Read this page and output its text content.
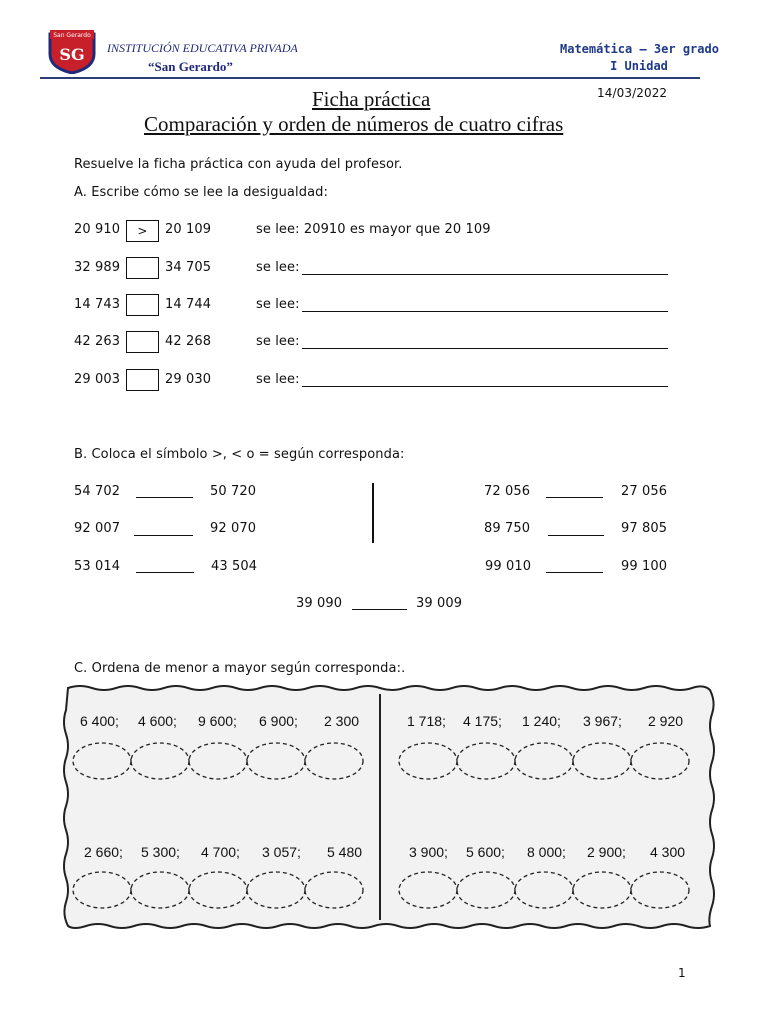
San Gerardo
SG INSTITUCIÓN EDUCATIVA PRIVADA
“San Gerardo”
Matemática – 3er grado
I Unidad
14/03/2022
Ficha práctica
Comparación y orden de números de cuatro cifras
Resuelve la ficha práctica con ayuda del profesor.
A. Escribe cómo se lee la desigualdad:
20 910	>	20 109	se lee: 20910 es mayor que 20 109
32 989	34 705	se lee:
14 743	14 744	se lee:
42 263	42 268	se lee:
29 003	29 030	se lee:
B. Coloca el símbolo >, < o = según corresponda:
54 702	50 720
92 007	92 070
53 014	43 504
72 056	27 056
89 750	97 805
99 010	99 100
39 090	39 009
C. Ordena de menor a mayor según corresponda:.
6 400; 4 600; 9 600; 6 900; 2 300	1 718; 4 175; 1 240; 3 967; 2 920
2 660; 5 300; 4 700; 3 057; 5 480	3 900; 5 600; 8 000; 2 900; 4 300
1
